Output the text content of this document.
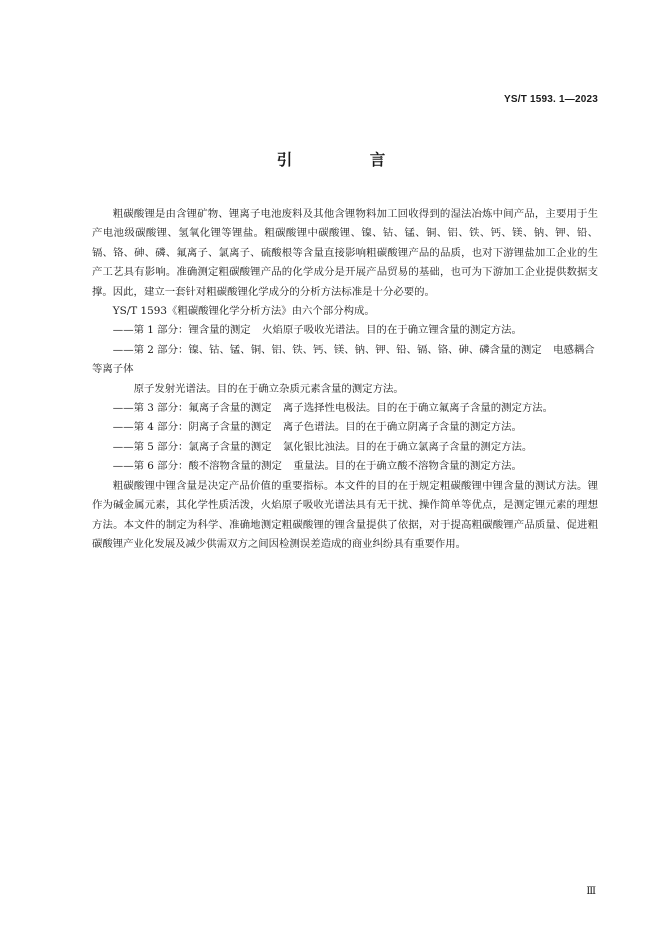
YS/T 1593. 1—2023
引 言

粗碳酸锂是由含锂矿物、锂离子电池废料及其他含锂物料加工回收得到的湿法冶炼中间产品，主要用于生产电池级碳酸锂、氢氧化锂等锂盐。粗碳酸锂中碳酸锂、镍、钴、锰、铜、铝、铁、钙、镁、钠、钾、铅、镉、铬、砷、磷、氟离子、氯离子、硫酸根等含量直接影响粗碳酸锂产品的品质，也对下游锂盐加工企业的生产工艺具有影响。准确测定粗碳酸锂产品的化学成分是开展产品贸易的基础，也可为下游加工企业提供数据支撑。因此，建立一套针对粗碳酸锂化学成分的分析方法标准是十分必要的。

YS/T 1593《粗碳酸锂化学分析方法》由六个部分构成。

——第 1 部分：锂含量的测定 火焰原子吸收光谱法。目的在于确立锂含量的测定方法。

——第 2 部分：镍、钴、锰、铜、铝、铁、钙、镁、钠、钾、铅、镉、铬、砷、磷含量的测定 电感耦合等离子体

原子发射光谱法。目的在于确立杂质元素含量的测定方法。

——第 3 部分：氟离子含量的测定 离子选择性电极法。目的在于确立氟离子含量的测定方法。

——第 4 部分：阴离子含量的测定 离子色谱法。目的在于确立阴离子含量的测定方法。

——第 5 部分：氯离子含量的测定 氯化银比浊法。目的在于确立氯离子含量的测定方法。

——第 6 部分：酸不溶物含量的测定 重量法。目的在于确立酸不溶物含量的测定方法。

粗碳酸锂中锂含量是决定产品价值的重要指标。本文件的目的在于规定粗碳酸锂中锂含量的测试方法。锂作为碱金属元素，其化学性质活泼，火焰原子吸收光谱法具有无干扰、操作简单等优点，是测定锂元素的理想方法。本文件的制定为科学、准确地测定粗碳酸锂的锂含量提供了依据，对于提高粗碳酸锂产品质量、促进粗碳酸锂产业化发展及减少供需双方之间因检测误差造成的商业纠纷具有重要作用。

Ⅲ
